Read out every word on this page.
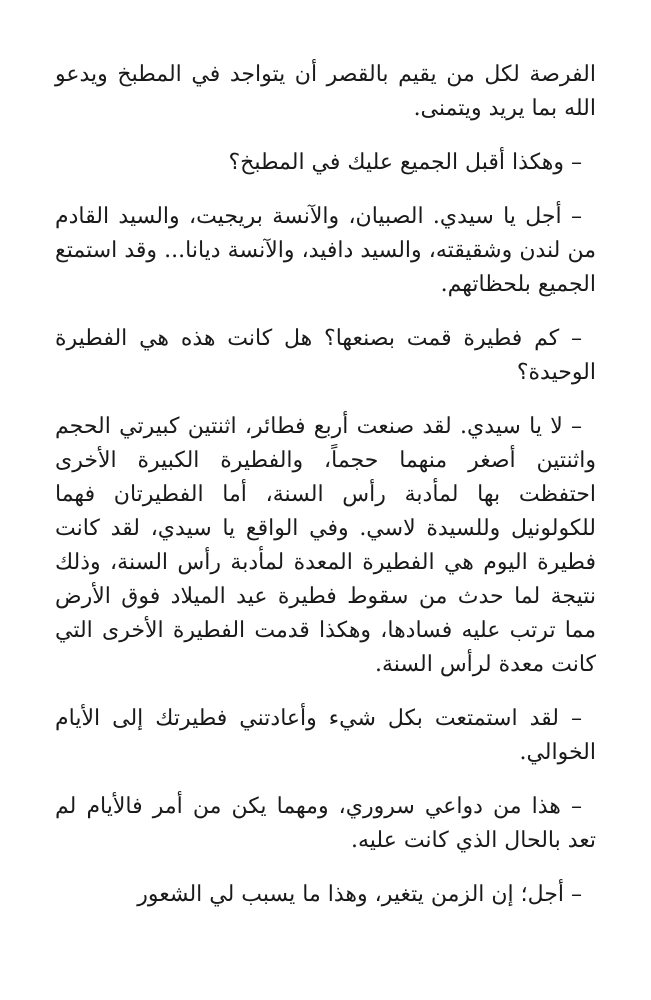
الفرصة لكل من يقيم بالقصر أن يتواجد في المطبخ ويدعو الله بما يريد ويتمنى.

– وهكذا أقبل الجميع عليك في المطبخ؟

– أجل يا سيدي. الصبيان، والآنسة بريجيت، والسيد القادم من لندن وشقيقته، والسيد دافيد، والآنسة ديانا... وقد استمتع الجميع بلحظاتهم.

– كم فطيرة قمت بصنعها؟ هل كانت هذه هي الفطيرة الوحيدة؟

– لا يا سيدي. لقد صنعت أربع فطائر، اثنتين كبيرتي الحجم واثنتين أصغر منهما حجماً، والفطيرة الكبيرة الأخرى احتفظت بها لمأدبة رأس السنة، أما الفطيرتان فهما للكولونيل وللسيدة لاسي. وفي الواقع يا سيدي، لقد كانت فطيرة اليوم هي الفطيرة المعدة لمأدبة رأس السنة، وذلك نتيجة لما حدث من سقوط فطيرة عيد الميلاد فوق الأرض مما ترتب عليه فسادها، وهكذا قدمت الفطيرة الأخرى التي كانت معدة لرأس السنة.

– لقد استمتعت بكل شيء وأعادتني فطيرتك إلى الأيام الخوالي.

– هذا من دواعي سروري، ومهما يكن من أمر فالأيام لم تعد بالحال الذي كانت عليه.

– أجل؛ إن الزمن يتغير، وهذا ما يسبب لي الشعور
